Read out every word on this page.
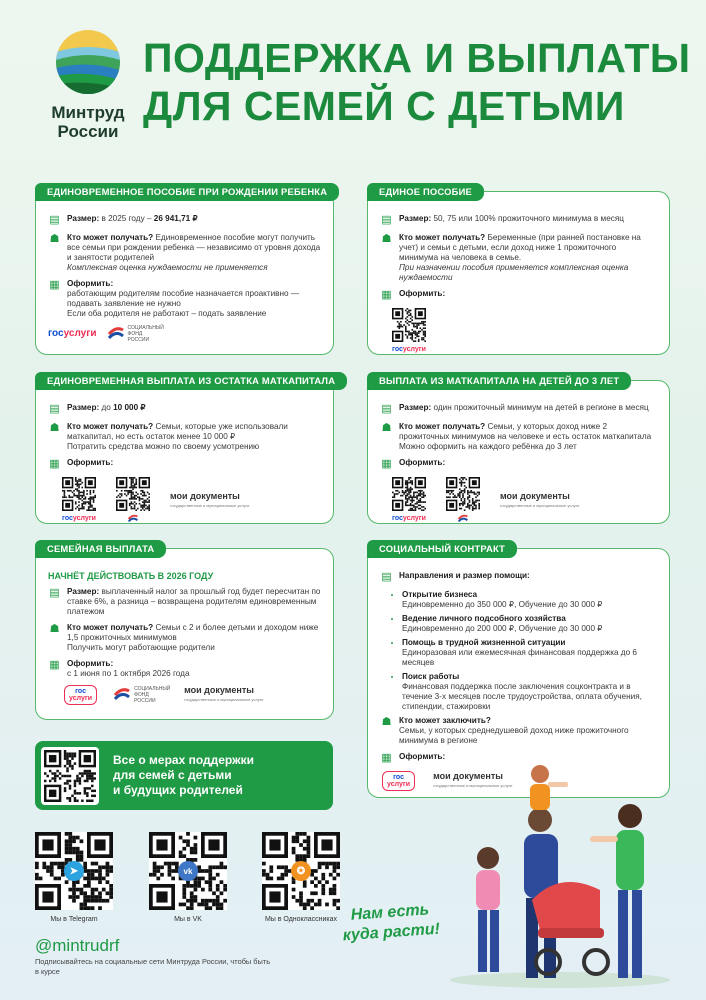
Минтруд
России
ПОДДЕРЖКА И ВЫПЛАТЫ
ДЛЯ СЕМЕЙ С ДЕТЬМИ
ЕДИНОВРЕМЕННОЕ ПОСОБИЕ ПРИ РОЖДЕНИИ РЕБЕНКА
▤ Размер: в 2025 году – 26 941,71 ₽
☗ Кто может получать? Единовременное пособие могут получить все семьи при рождении ребенка — независимо от уровня дохода и занятости родителей
Комплексная оценка нуждаемости не применяется
▦ Оформить:
работающим родителям пособие назначается проактивно — подавать заявление не нужно
Если оба родителя не работают – подать заявление
госуслуги	СОЦИАЛЬНЫЙ ФОНД РОССИИ
ЕДИНОЕ ПОСОБИЕ
▤ Размер: 50, 75 или 100% прожиточного минимума в месяц
☗ Кто может получать? Беременные (при ранней постановке на учет) и семьи с детьми, если доход ниже 1 прожиточного минимума на человека в семье.
При назначении пособия применяется комплексная оценка нуждаемости
▦ Оформить:
госуслуги
ЕДИНОВРЕМЕННАЯ ВЫПЛАТА ИЗ ОСТАТКА МАТКАПИТАЛА
▤ Размер: до 10 000 ₽
☗ Кто может получать? Семьи, которые уже использовали маткапитал, но есть остаток менее 10 000 ₽
Потратить средства можно по своему усмотрению
▦ Оформить:
госуслуги
мои документы
государственные и муниципальные услуги
ВЫПЛАТА ИЗ МАТКАПИТАЛА НА ДЕТЕЙ ДО 3 ЛЕТ
▤ Размер: один прожиточный минимум на детей в регионе в месяц
☗ Кто может получать? Семьи, у которых доход ниже 2 прожиточных минимумов на человеке и есть остаток маткапитала
Можно оформить на каждого ребёнка до 3 лет
▦ Оформить:
госуслуги
мои документы
государственные и муниципальные услуги
СЕМЕЙНАЯ ВЫПЛАТА
НАЧНЁТ ДЕЙСТВОВАТЬ В 2026 ГОДУ
▤ Размер: выплаченный налог за прошлый год будет пересчитан по ставке 6%, а разница – возвращена родителям единовременным платежом
☗ Кто может получать? Семьи с 2 и более детьми и доходом ниже 1,5 прожиточных минимумов
Получить могут работающие родители
▦ Оформить:
с 1 июня по 1 октября 2026 года
гос
услуги
СОЦИАЛЬНЫЙ ФОНД РОССИИ
мои документы
государственные и муниципальные услуги
СОЦИАЛЬНЫЙ КОНТРАКТ
▤ Направления и размер помощи:
• Открытие бизнеса
Единовременно до 350 000 ₽, Обучение до 30 000 ₽
• Ведение личного подсобного хозяйства
Единовременно до 200 000 ₽, Обучение до 30 000 ₽
• Помощь в трудной жизненной ситуации
Единоразовая или ежемесячная финансовая поддержка до 6 месяцев
• Поиск работы
Финансовая поддержка после заключения соцконтракта и в течение 3-х месяцев после трудоустройства, оплата обучения, стипендии, стажировки
☗ Кто может заключить?
Семьи, у которых среднедушевой доход ниже прожиточного минимума в регионе
▦ Оформить:
гос
услуги
мои документы
государственные и муниципальные услуги
Все о мерах поддержки
для семей с детьми
и будущих родителей
➤
Мы в Telegram
vk
Мы в VK
✪
Мы в Одноклассниках
@mintrudrf
Подписывайтесь на социальные сети Минтруда России, чтобы быть в курсе
Нам есть
куда расти!
